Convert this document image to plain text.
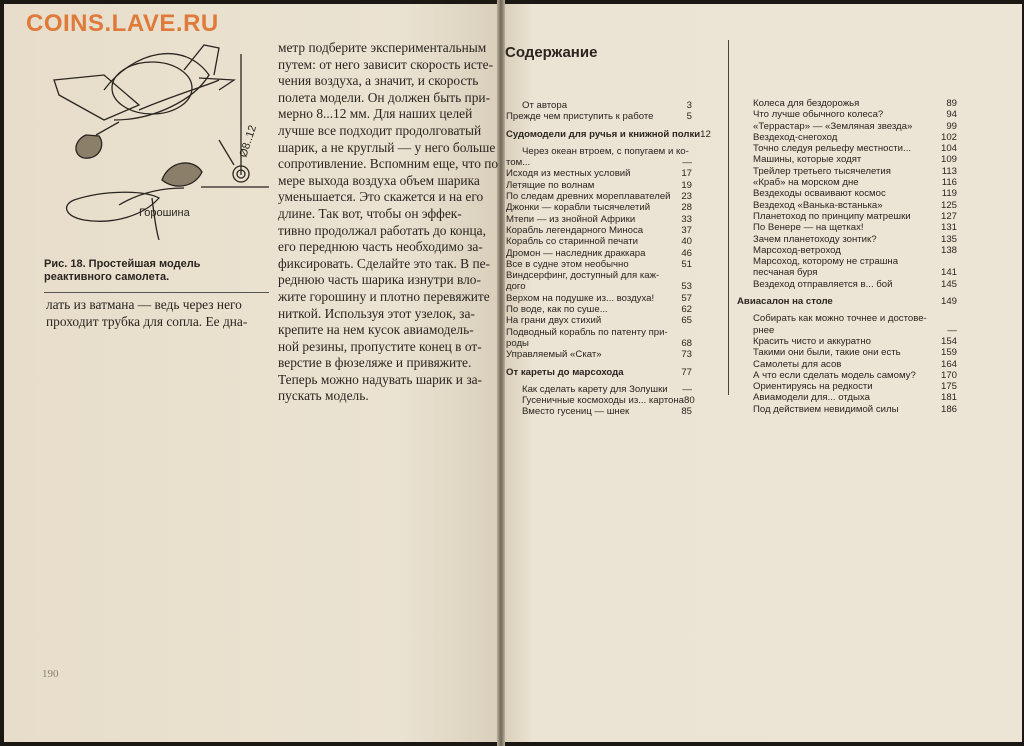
COINS.LAVE.RU
Ø8..12
Горошина
Рис. 18. Простейшая модель реактивного самолета.
метр подберите экспериментальным
путем: от него зависит скорость исте-
чения воздуха, а значит, и скорость
полета модели. Он должен быть при-
мерно 8...12 мм. Для наших целей
лучше все подходит продолговатый
шарик, а не круглый — у него больше
сопротивление. Вспомним еще, что по
мере выхода воздуха объем шарика
уменьшается. Это скажется и на его
длине. Так вот, чтобы он эффек-
тивно продолжал работать до конца,
его переднюю часть необходимо за-
фиксировать. Сделайте это так. В пе-
реднюю часть шарика изнутри вло-
жите горошину и плотно перевяжите
ниткой. Используя этот узелок, за-
крепите на нем кусок авиамодель-
ной резины, пропустите конец в от-
верстие в фюзеляже и привяжите.
Теперь можно надувать шарик и за-
пускать модель.
лать из ватмана — ведь через него
проходит трубка для сопла. Ее дна-
190
Содержание
От автора	3
Прежде чем приступить к работе	5
Судомодели для ручья и книжной полки 12
Через океан втроем, с попугаем и ко-
том...	—
Исходя из местных условий	17
Летящие по волнам	19
По следам древних мореплавателей	23
Джонки — корабли тысячелетий	28
Мтепи — из знойной Африки	33
Корабль легендарного Миноса	37
Корабль со старинной печати	40
Дромон — наследник драккара	46
Все в судне этом необычно	51
Виндсерфинг, доступный для каж-
дого	53
Верхом на подушке из... воздуха!	57
По воде, как по суше...	62
На грани двух стихий	65
Подводный корабль по патенту при-
роды	68
Управляемый «Скат»	73
От кареты до марсохода	77
Как сделать карету для Золушки	—
Гусеничные космоходы из... картона 80
Вместо гусениц — шнек	85
Колеса для бездорожья	89
Что лучше обычного колеса?	94
«Террастар» — «Земляная звезда»	99
Вездеход-снегоход	102
Точно следуя рельефу местности...	104
Машины, которые ходят	109
Трейлер третьего тысячелетия	113
«Краб» на морском дне	116
Вездеходы осваивают космос	119
Вездеход «Ванька-встанька»	125
Планетоход по принципу матрешки	127
По Венере — на щетках!	131
Зачем планетоходу зонтик?	135
Марсоход-ветроход	138
Марсоход, которому не страшна
песчаная буря	141
Вездеход отправляется в... бой	145
Авиасалон на столе	149
Собирать как можно точнее и достове-
рнее	—
Красить чисто и аккуратно	154
Такими они были, такие они есть	159
Самолеты для асов	164
А что если сделать модель самому?	170
Ориентируясь на редкости	175
Авиамодели для... отдыха	181
Под действием невидимой силы	186
